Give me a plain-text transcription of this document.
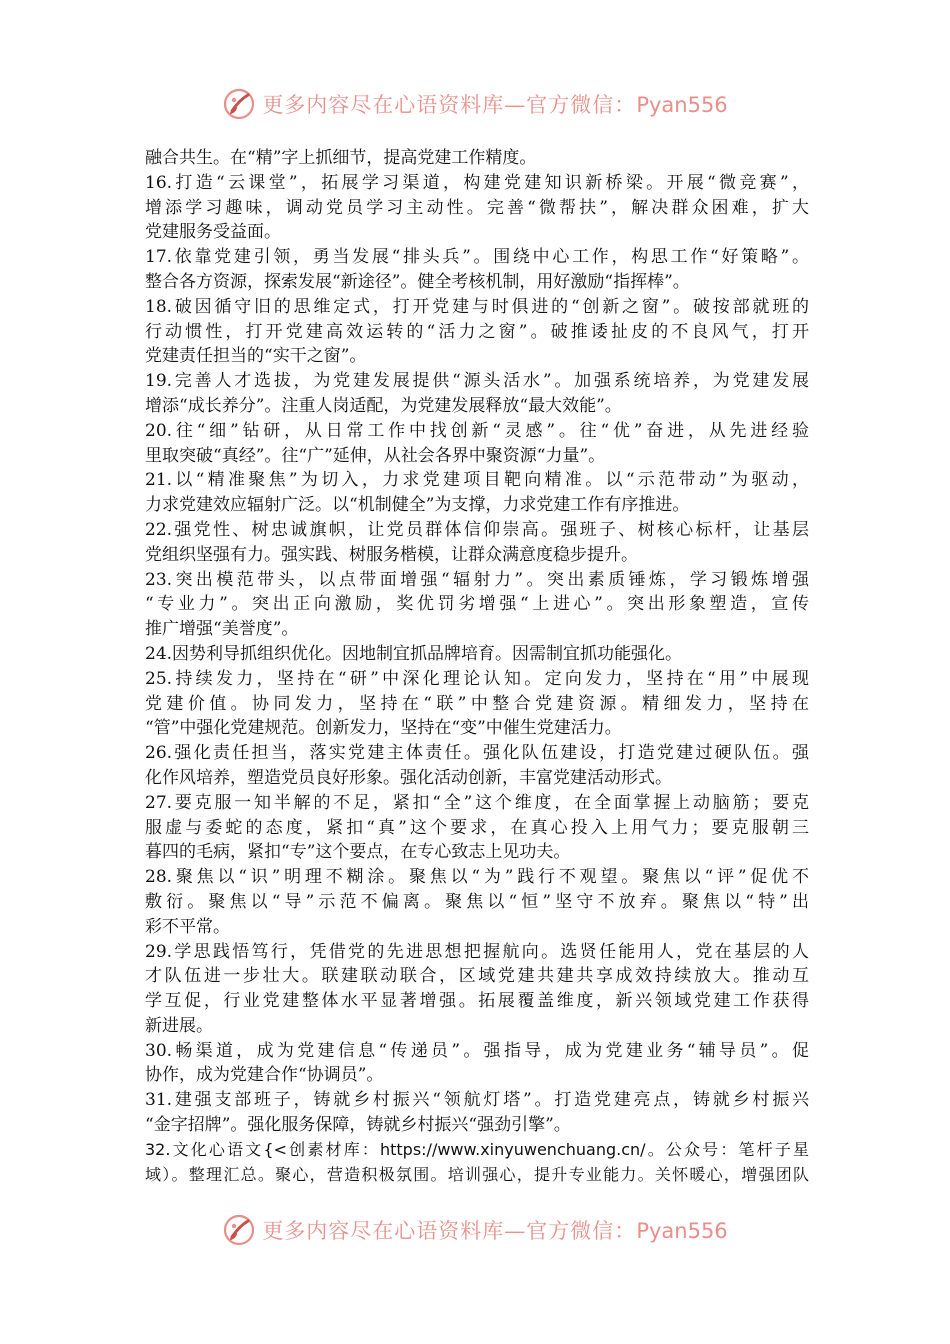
更多内容尽在心语资料库—官方微信：Pyan556
融合共生。在“精”字上抓细节，提高党建工作精度。
16.打造“云课堂”，拓展学习渠道，构建党建知识新桥梁。开展“微竞赛”，
增添学习趣味，调动党员学习主动性。完善“微帮扶”，解决群众困难，扩大
党建服务受益面。
17.依靠党建引领，勇当发展“排头兵”。围绕中心工作，构思工作“好策略”。
整合各方资源，探索发展“新途径”。健全考核机制，用好激励“指挥棒”。
18.破因循守旧的思维定式，打开党建与时俱进的“创新之窗”。破按部就班的
行动惯性，打开党建高效运转的“活力之窗”。破推诿扯皮的不良风气，打开
党建责任担当的“实干之窗”。
19.完善人才选拔，为党建发展提供“源头活水”。加强系统培养，为党建发展
增添“成长养分”。注重人岗适配，为党建发展释放“最大效能”。
20.往“细”钻研，从日常工作中找创新“灵感”。往“优”奋进，从先进经验
里取突破“真经”。往“广”延伸，从社会各界中聚资源“力量”。
21.以“精准聚焦”为切入，力求党建项目靶向精准。以“示范带动”为驱动，
力求党建效应辐射广泛。以“机制健全”为支撑，力求党建工作有序推进。
22.强党性、树忠诚旗帜，让党员群体信仰崇高。强班子、树核心标杆，让基层
党组织坚强有力。强实践、树服务楷模，让群众满意度稳步提升。
23.突出模范带头，以点带面增强“辐射力”。突出素质锤炼，学习锻炼增强
“专业力”。突出正向激励，奖优罚劣增强“上进心”。突出形象塑造，宣传
推广增强“美誉度”。
24.因势利导抓组织优化。因地制宜抓品牌培育。因需制宜抓功能强化。
25.持续发力，坚持在“研”中深化理论认知。定向发力，坚持在“用”中展现
党建价值。协同发力，坚持在“联”中整合党建资源。精细发力，坚持在
“管”中强化党建规范。创新发力，坚持在“变”中催生党建活力。
26.强化责任担当，落实党建主体责任。强化队伍建设，打造党建过硬队伍。强
化作风培养，塑造党员良好形象。强化活动创新，丰富党建活动形式。
27.要克服一知半解的不足，紧扣“全”这个维度，在全面掌握上动脑筋；要克
服虚与委蛇的态度，紧扣“真”这个要求，在真心投入上用气力；要克服朝三
暮四的毛病，紧扣“专”这个要点，在专心致志上见功夫。
28.聚焦以“识”明理不糊涂。聚焦以“为”践行不观望。聚焦以“评”促优不
敷衍。聚焦以“导”示范不偏离。聚焦以“恒”坚守不放弃。聚焦以“特”出
彩不平常。
29.学思践悟笃行，凭借党的先进思想把握航向。选贤任能用人，党在基层的人
才队伍进一步壮大。联建联动联合，区域党建共建共享成效持续放大。推动互
学互促，行业党建整体水平显著增强。拓展覆盖维度，新兴领域党建工作获得
新进展。
30.畅渠道，成为党建信息“传递员”。强指导，成为党建业务“辅导员”。促
协作，成为党建合作“协调员”。
31.建强支部班子，铸就乡村振兴“领航灯塔”。打造党建亮点，铸就乡村振兴
“金字招牌”。强化服务保障，铸就乡村振兴“强劲引擎”。
32.文化心语文{<创素材库：https://www.xinyuwenchuang.cn/。公众号：笔杆子星
域）。整理汇总。聚心，营造积极氛围。培训强心，提升专业能力。关怀暖心，增强团队
更多内容尽在心语资料库—官方微信：Pyan556
